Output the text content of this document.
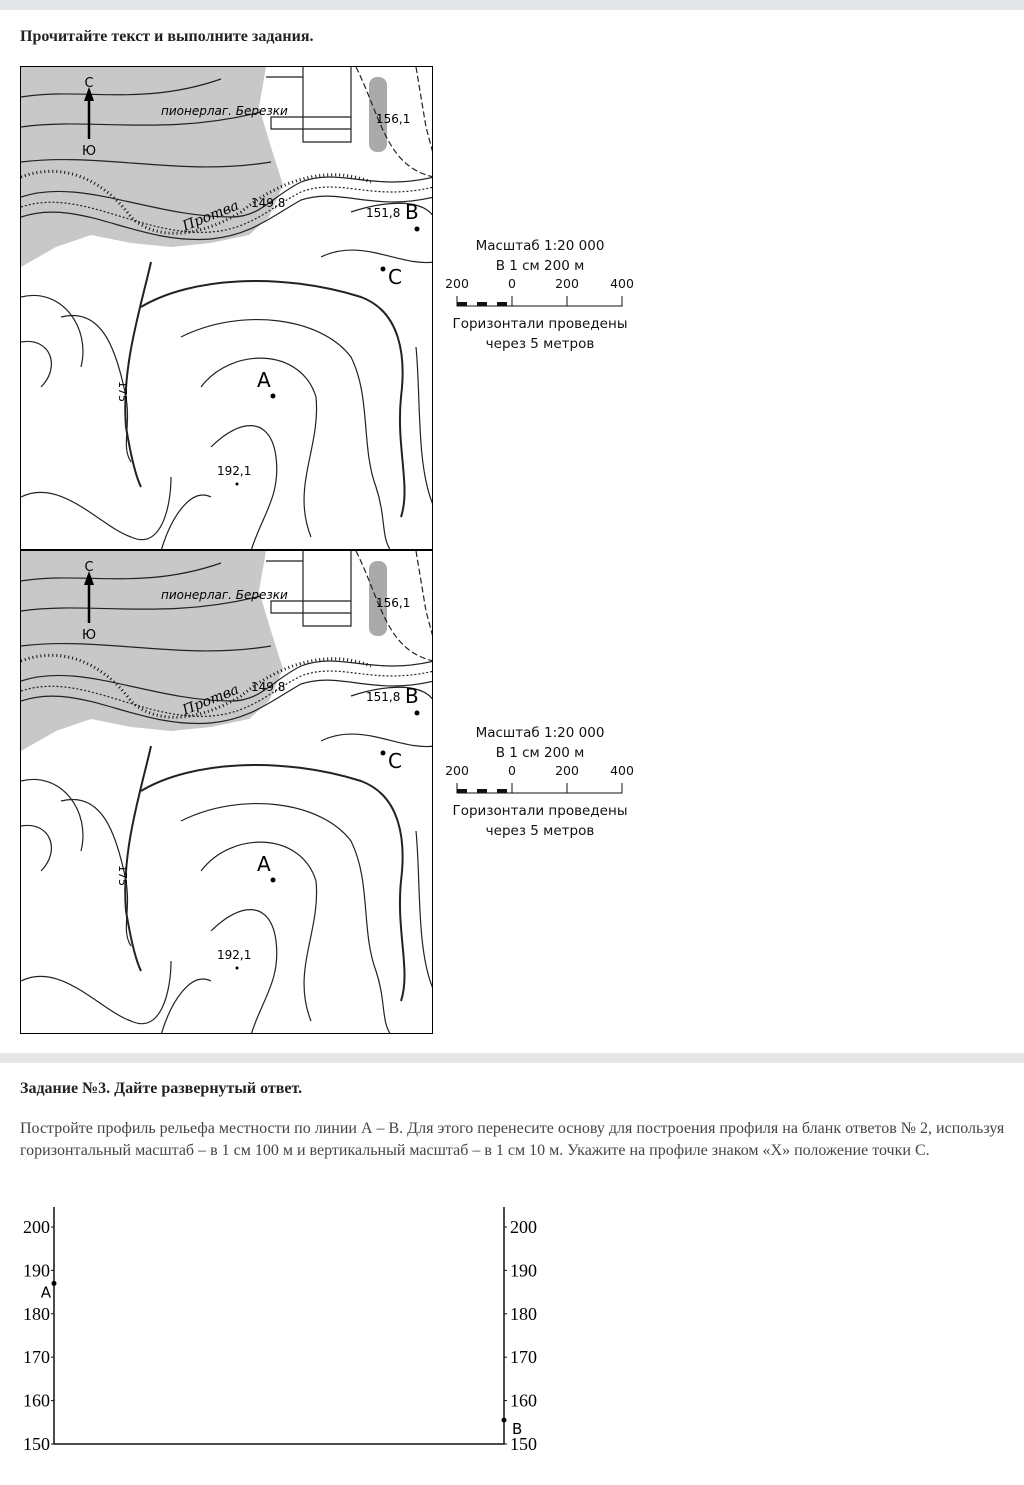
Прочитайте текст и выполните задания.
С
Ю
пионерлаг. Березки
Протва
156,1
149,8
151,8
192,1
175	A
B
C
С
Ю
пионерлаг. Березки
Протва
156,1
149,8
151,8
192,1
175	A
B
C
Масштаб 1:20 000
В 1 см 200 м
200	0	200 400
Горизонтали проведены
через 5 метров
Масштаб 1:20 000
В 1 см 200 м
200	0	200 400
Горизонтали проведены
через 5 метров
Задание №3. Дайте развернутый ответ.
Постройте профиль рельефа местности по линии А – В. Для этого перенесите основу для построения профиля на бланк ответов № 2, используя горизонтальный масштаб – в 1 см 100 м и вертикальный масштаб – в 1 см 10 м. Укажите на профиле знаком «Х» положение точки С.
200	200
190	190
180	180
170	170
160	160
150	150
A
B
